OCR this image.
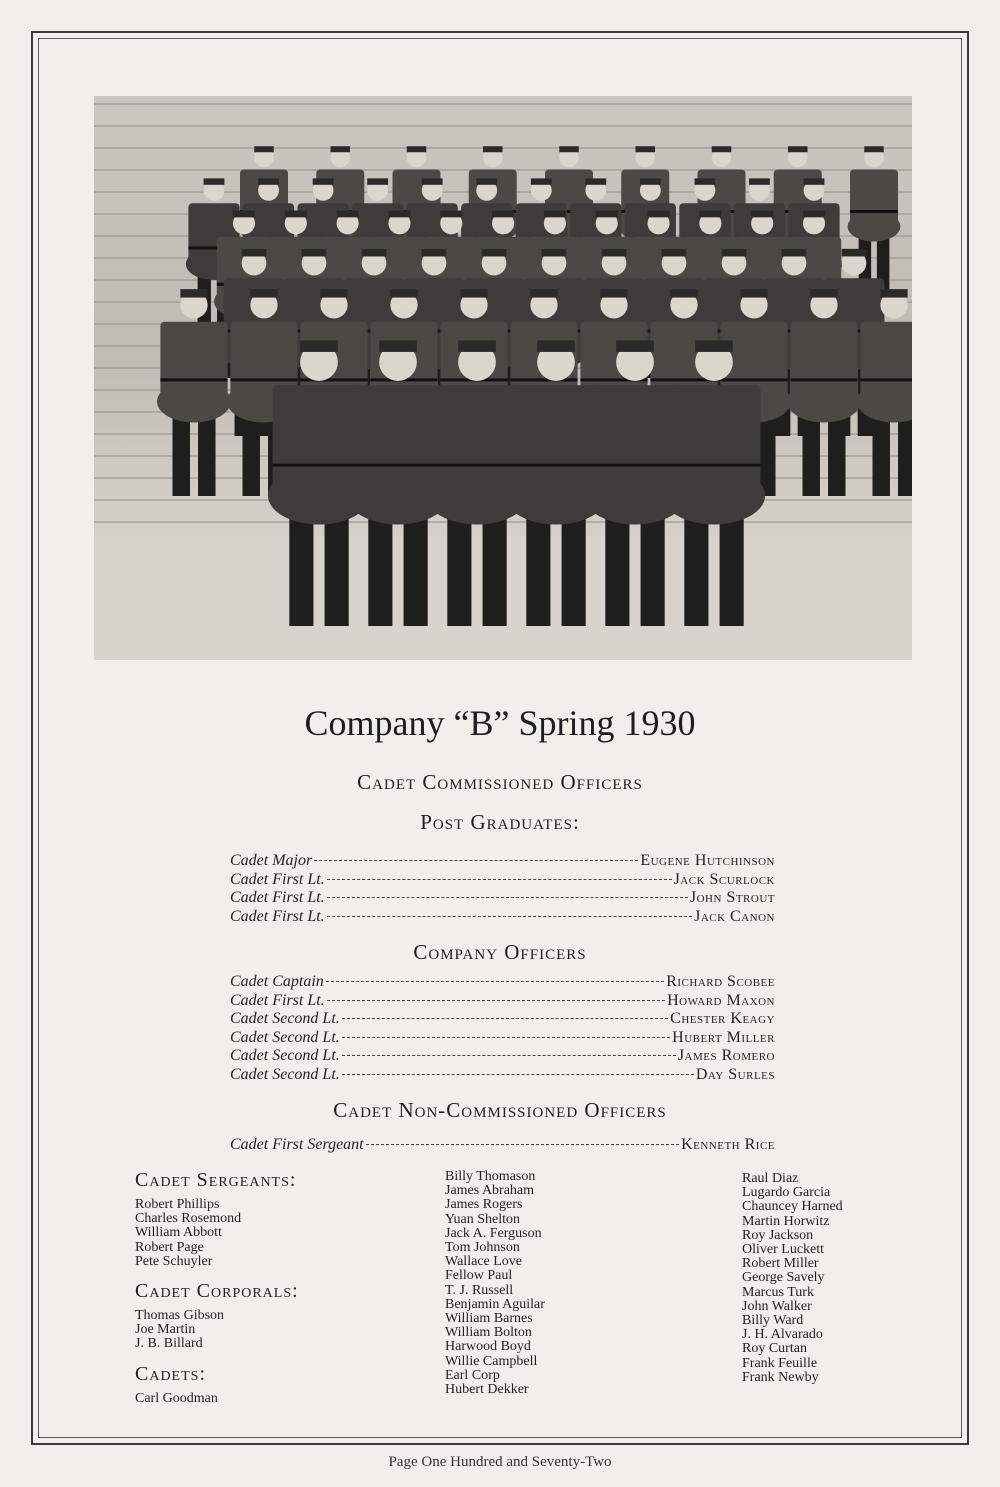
Company “B” Spring 1930
Cadet Commissioned Officers
Post Graduates:
Cadet Major	Eugene Hutchinson
Cadet First Lt.	Jack Scurlock
Cadet First Lt.	John Strout
Cadet First Lt.	Jack Canon
Company Officers
Cadet Captain	Richard Scobee
Cadet First Lt.	Howard Maxon
Cadet Second Lt.	Chester Keagy
Cadet Second Lt.	Hubert Miller
Cadet Second Lt.	James Romero
Cadet Second Lt.	Day Surles
Cadet Non-Commissioned Officers
Cadet First Sergeant	Kenneth Rice

Cadet Sergeants:

Robert Phillips
Charles Rosemond
William Abbott
Robert Page
Pete Schuyler

Cadet Corporals:

Thomas Gibson
Joe Martin
J. B. Billard

Cadets:

Carl Goodman
Billy Thomason
James Abraham
James Rogers
Yuan Shelton
Jack A. Ferguson
Tom Johnson
Wallace Love
Fellow Paul
T. J. Russell
Benjamin Aguilar
William Barnes
William Bolton
Harwood Boyd
Willie Campbell
Earl Corp
Hubert Dekker
Raul Diaz
Lugardo Garcia
Chauncey Harned
Martin Horwitz
Roy Jackson
Oliver Luckett
Robert Miller
George Savely
Marcus Turk
John Walker
Billy Ward
J. H. Alvarado
Roy Curtan
Frank Feuille
Frank Newby
Page One Hundred and Seventy-Two
